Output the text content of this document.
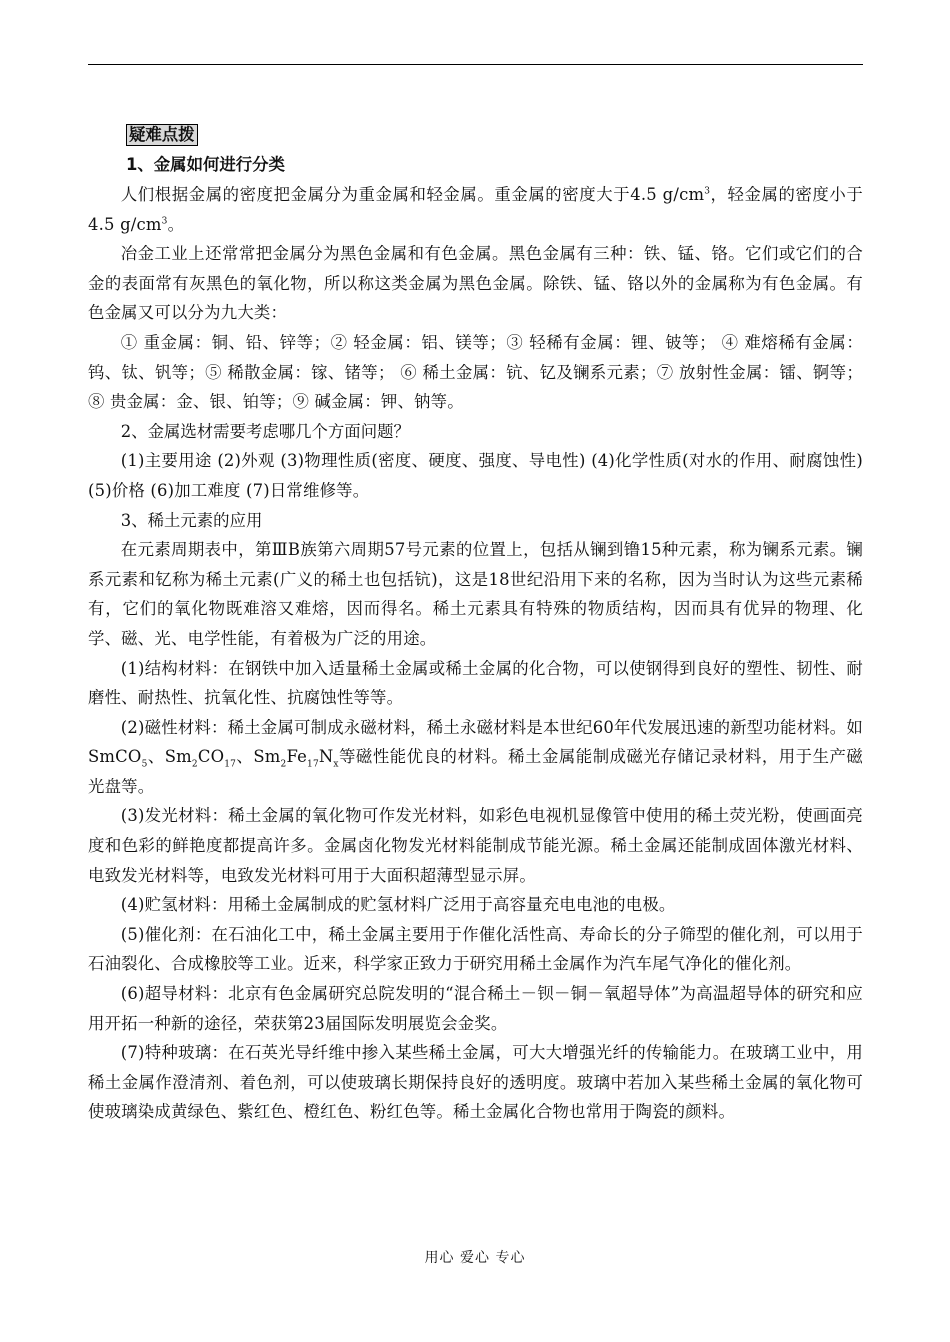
疑难点拨

1、金属如何进行分类

人们根据金属的密度把金属分为重金属和轻金属。重金属的密度大于4.5 $g/cm^3$，轻金属的密度小于4.5 $g/cm^3$。

冶金工业上还常常把金属分为黑色金属和有色金属。黑色金属有三种：铁、锰、铬。它们或它们的合金的表面常有灰黑色的氧化物，所以称这类金属为黑色金属。除铁、锰、铬以外的金属称为有色金属。有色金属又可以分为九大类：

① 重金属：铜、铅、锌等；② 轻金属：铝、镁等；③ 轻稀有金属：锂、铍等； ④ 难熔稀有金属：钨、钛、钒等；⑤ 稀散金属：镓、锗等； ⑥ 稀土金属：钪、钇及镧系元素；⑦ 放射性金属：镭、锕等； ⑧ 贵金属：金、银、铂等；⑨ 碱金属：钾、钠等。

2、金属选材需要考虑哪几个方面问题？

(1)主要用途 (2)外观 (3)物理性质(密度、硬度、强度、导电性) (4)化学性质(对水的作用、耐腐蚀性) (5)价格 (6)加工难度 (7)日常维修等。

3、稀土元素的应用

在元素周期表中，第ⅢB族第六周期57号元素的位置上，包括从镧到镥15种元素，称为镧系元素。镧系元素和钇称为稀土元素(广义的稀土也包括钪)，这是18世纪沿用下来的名称，因为当时认为这些元素稀有，它们的氧化物既难溶又难熔，因而得名。稀土元素具有特殊的物质结构，因而具有优异的物理、化学、磁、光、电学性能，有着极为广泛的用途。

(1)结构材料：在钢铁中加入适量稀土金属或稀土金属的化合物，可以使钢得到良好的塑性、韧性、耐磨性、耐热性、抗氧化性、抗腐蚀性等等。

(2)磁性材料：稀土金属可制成永磁材料，稀土永磁材料是本世纪60年代发展迅速的新型功能材料。如SmCO$_5$、$Sm_2CO_{17}$、$Sm_2Fe_{17}N_x$等磁性能优良的材料。稀土金属能制成磁光存储记录材料，用于生产磁光盘等。

(3)发光材料：稀土金属的氧化物可作发光材料，如彩色电视机显像管中使用的稀土荧光粉，使画面亮度和色彩的鲜艳度都提高许多。金属卤化物发光材料能制成节能光源。稀土金属还能制成固体激光材料、电致发光材料等，电致发光材料可用于大面积超薄型显示屏。

(4)贮氢材料：用稀土金属制成的贮氢材料广泛用于高容量充电电池的电极。

(5)催化剂：在石油化工中，稀土金属主要用于作催化活性高、寿命长的分子筛型的催化剂，可以用于石油裂化、合成橡胶等工业。近来，科学家正致力于研究用稀土金属作为汽车尾气净化的催化剂。

(6)超导材料：北京有色金属研究总院发明的“混合稀土－钡－铜－氧超导体”为高温超导体的研究和应用开拓一种新的途径，荣获第23届国际发明展览会金奖。

(7)特种玻璃：在石英光导纤维中掺入某些稀土金属，可大大增强光纤的传输能力。在玻璃工业中，用稀土金属作澄清剂、着色剂，可以使玻璃长期保持良好的透明度。玻璃中若加入某些稀土金属的氧化物可使玻璃染成黄绿色、紫红色、橙红色、粉红色等。稀土金属化合物也常用于陶瓷的颜料。

用心 爱心 专心
